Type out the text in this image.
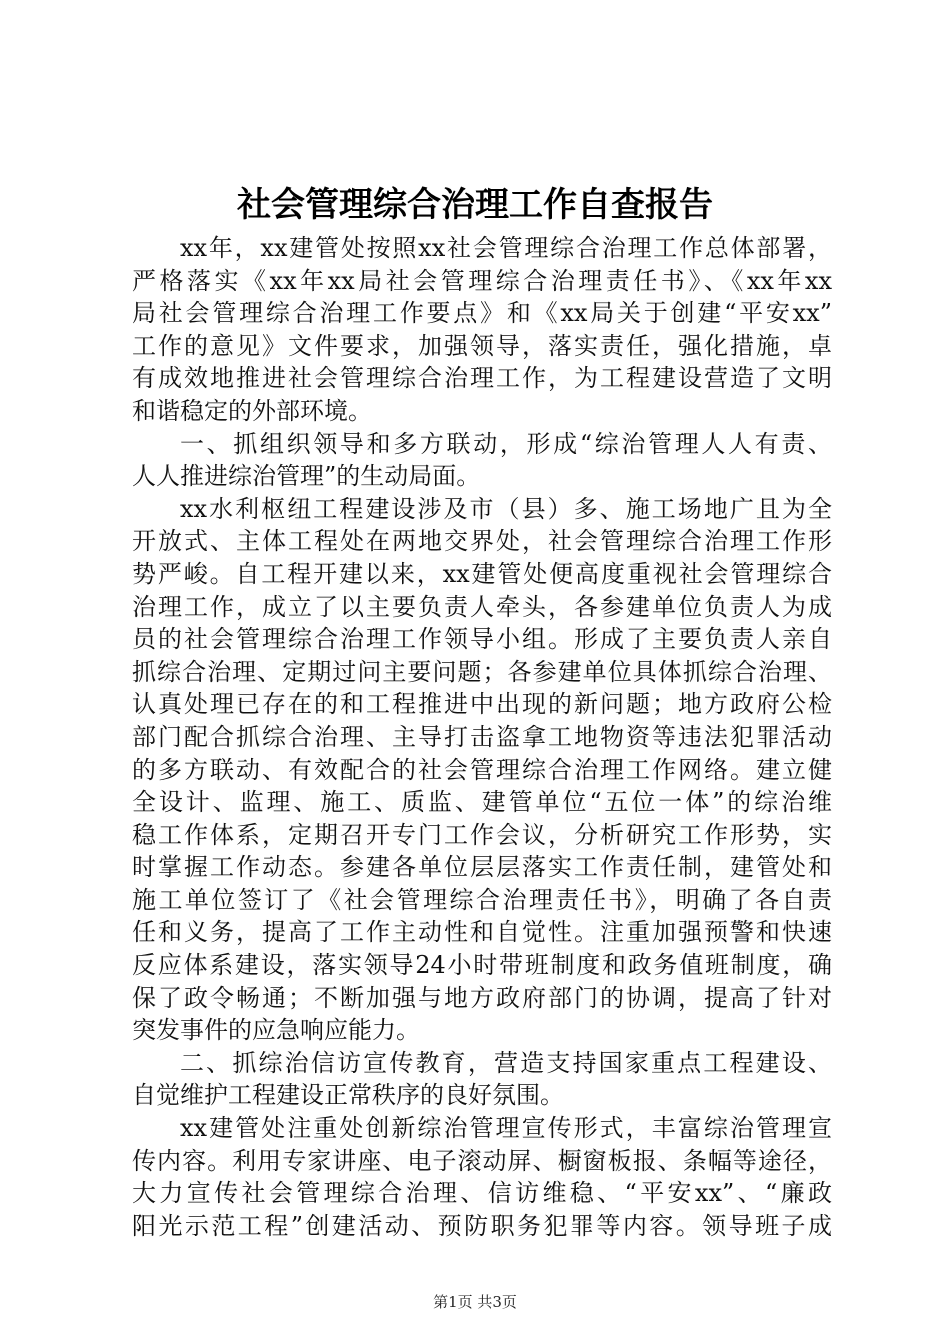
社会管理综合治理工作自查报告
xx年，xx建管处按照xx社会管理综合治理工作总体部署，
严格落实《xx年xx局社会管理综合治理责任书》、《xx年xx
局社会管理综合治理工作要点》和《xx局关于创建“平安xx”
工作的意见》文件要求，加强领导，落实责任，强化措施，卓
有成效地推进社会管理综合治理工作，为工程建设营造了文明
和谐稳定的外部环境。
一、抓组织领导和多方联动，形成“综治管理人人有责、
人人推进综治管理”的生动局面。
xx水利枢纽工程建设涉及市（县）多、施工场地广且为全
开放式、主体工程处在两地交界处，社会管理综合治理工作形
势严峻。自工程开建以来，xx建管处便高度重视社会管理综合
治理工作，成立了以主要负责人牵头，各参建单位负责人为成
员的社会管理综合治理工作领导小组。形成了主要负责人亲自
抓综合治理、定期过问主要问题；各参建单位具体抓综合治理、
认真处理已存在的和工程推进中出现的新问题；地方政府公检
部门配合抓综合治理、主导打击盗拿工地物资等违法犯罪活动
的多方联动、有效配合的社会管理综合治理工作网络。建立健
全设计、监理、施工、质监、建管单位“五位一体”的综治维
稳工作体系，定期召开专门工作会议，分析研究工作形势，实
时掌握工作动态。参建各单位层层落实工作责任制，建管处和
施工单位签订了《社会管理综合治理责任书》，明确了各自责
任和义务，提高了工作主动性和自觉性。注重加强预警和快速
反应体系建设，落实领导24小时带班制度和政务值班制度，确
保了政令畅通；不断加强与地方政府部门的协调，提高了针对
突发事件的应急响应能力。
二、抓综治信访宣传教育，营造支持国家重点工程建设、
自觉维护工程建设正常秩序的良好氛围。
xx建管处注重处创新综治管理宣传形式，丰富综治管理宣
传内容。利用专家讲座、电子滚动屏、橱窗板报、条幅等途径，
大力宣传社会管理综合治理、信访维稳、“平安xx”、“廉政
阳光示范工程”创建活动、预防职务犯罪等内容。领导班子成
第1页 共3页
